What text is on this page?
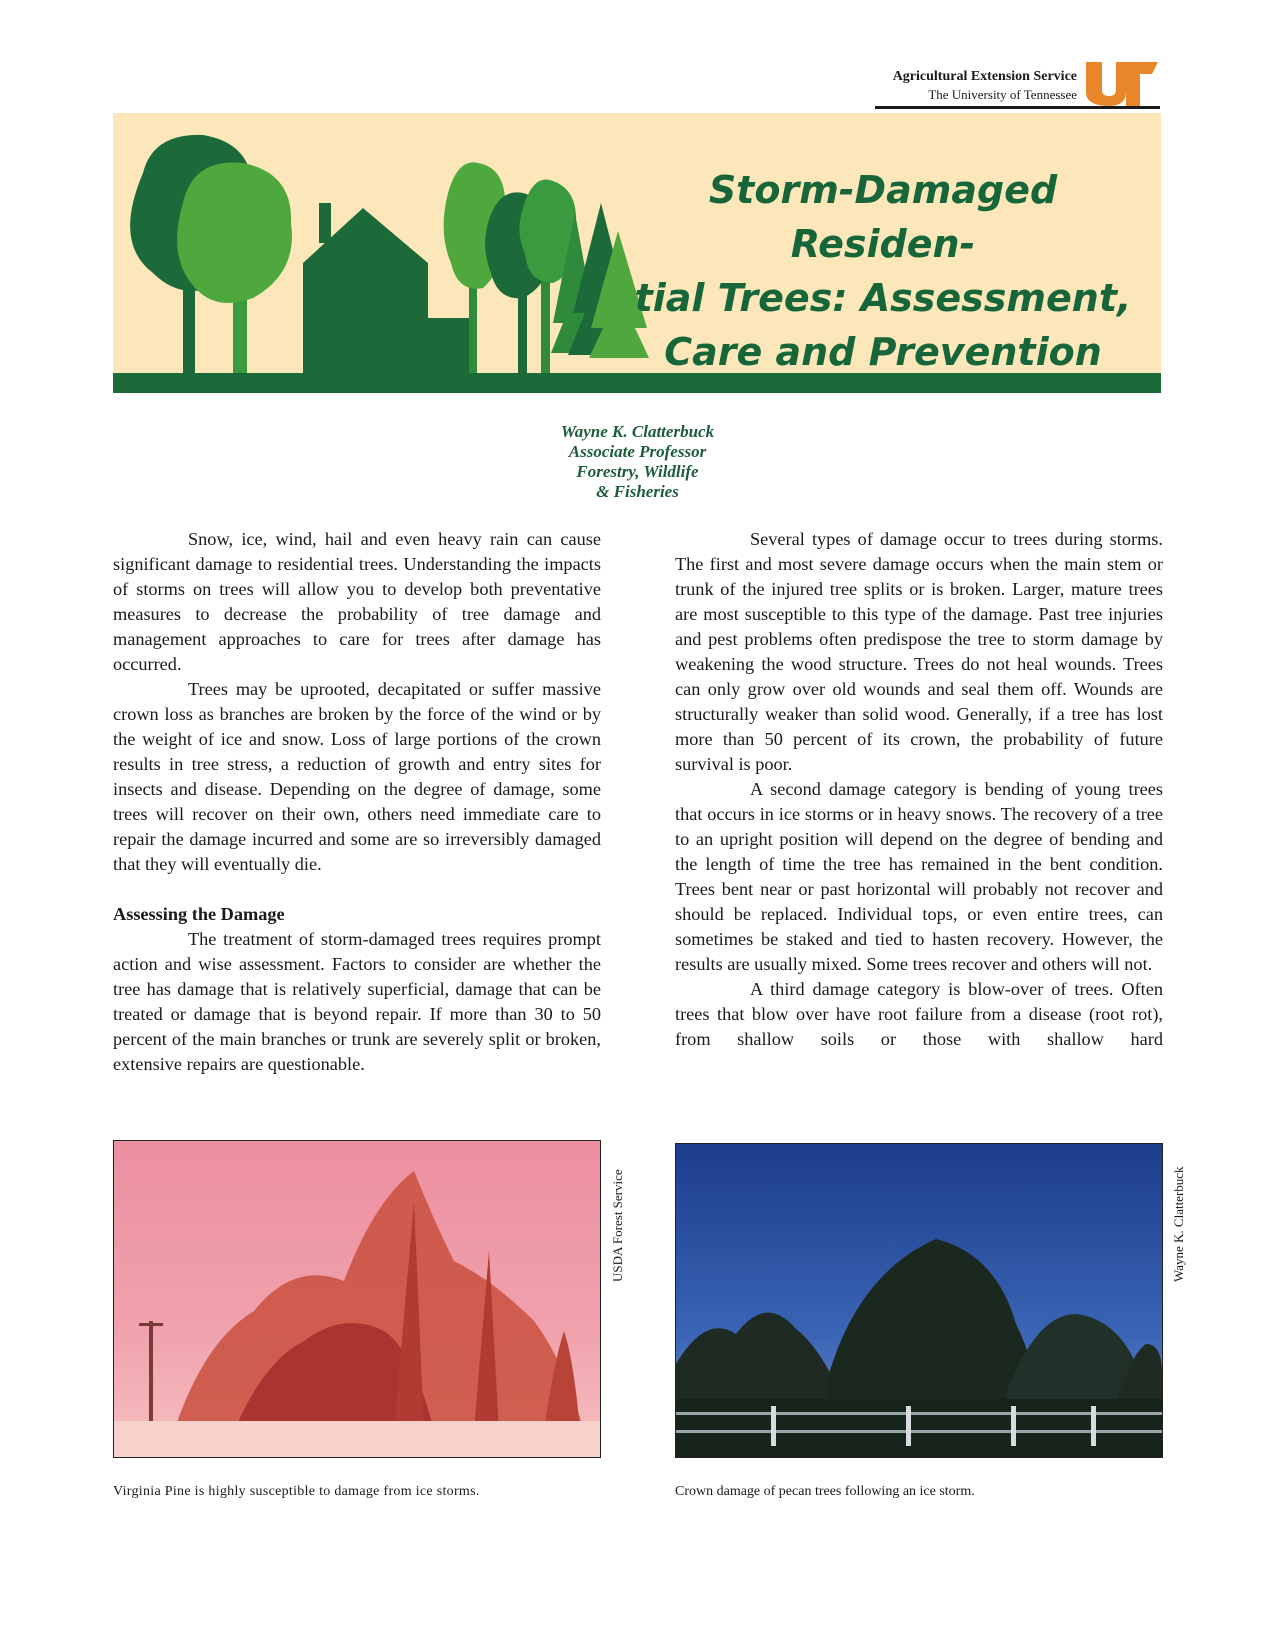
Agricultural Extension Service
The University of Tennessee
Storm-Damaged Residen-
tial Trees: Assessment,
Care and Prevention
Wayne K. Clatterbuck
Associate Professor
Forestry, Wildlife
& Fisheries

Snow, ice, wind, hail and even heavy rain can cause significant damage to residential trees. Understanding the impacts of storms on trees will allow you to develop both preventative measures to decrease the probability of tree damage and management approaches to care for trees after damage has occurred.

Trees may be uprooted, decapitated or suffer massive crown loss as branches are broken by the force of the wind or by the weight of ice and snow. Loss of large portions of the crown results in tree stress, a reduction of growth and entry sites for insects and disease. Depending on the degree of damage, some trees will recover on their own, others need immediate care to repair the damage incurred and some are so irreversibly damaged that they will eventually die.

Assessing the Damage

The treatment of storm-damaged trees requires prompt action and wise assessment. Factors to consider are whether the tree has damage that is relatively superficial, damage that can be treated or damage that is beyond repair. If more than 30 to 50 percent of the main branches or trunk are severely split or broken, extensive repairs are questionable.

Several types of damage occur to trees during storms. The first and most severe damage occurs when the main stem or trunk of the injured tree splits or is broken. Larger, mature trees are most susceptible to this type of the damage. Past tree injuries and pest problems often predispose the tree to storm damage by weakening the wood structure. Trees do not heal wounds. Trees can only grow over old wounds and seal them off. Wounds are structurally weaker than solid wood. Generally, if a tree has lost more than 50 percent of its crown, the probability of future survival is poor.

A second damage category is bending of young trees that occurs in ice storms or in heavy snows. The recovery of a tree to an upright position will depend on the degree of bending and the length of time the tree has remained in the bent condition. Trees bent near or past horizontal will probably not recover and should be replaced. Individual tops, or even entire trees, can sometimes be staked and tied to hasten recovery. However, the results are usually mixed. Some trees recover and others will not.

A third damage category is blow-over of trees. Often trees that blow over have root failure from a disease (root rot), from shallow soils or those with shallow hard

USDA Forest Service
Virginia Pine is highly susceptible to damage from ice storms.
Wayne K. Clatterbuck
Crown damage of pecan trees following an ice storm.
